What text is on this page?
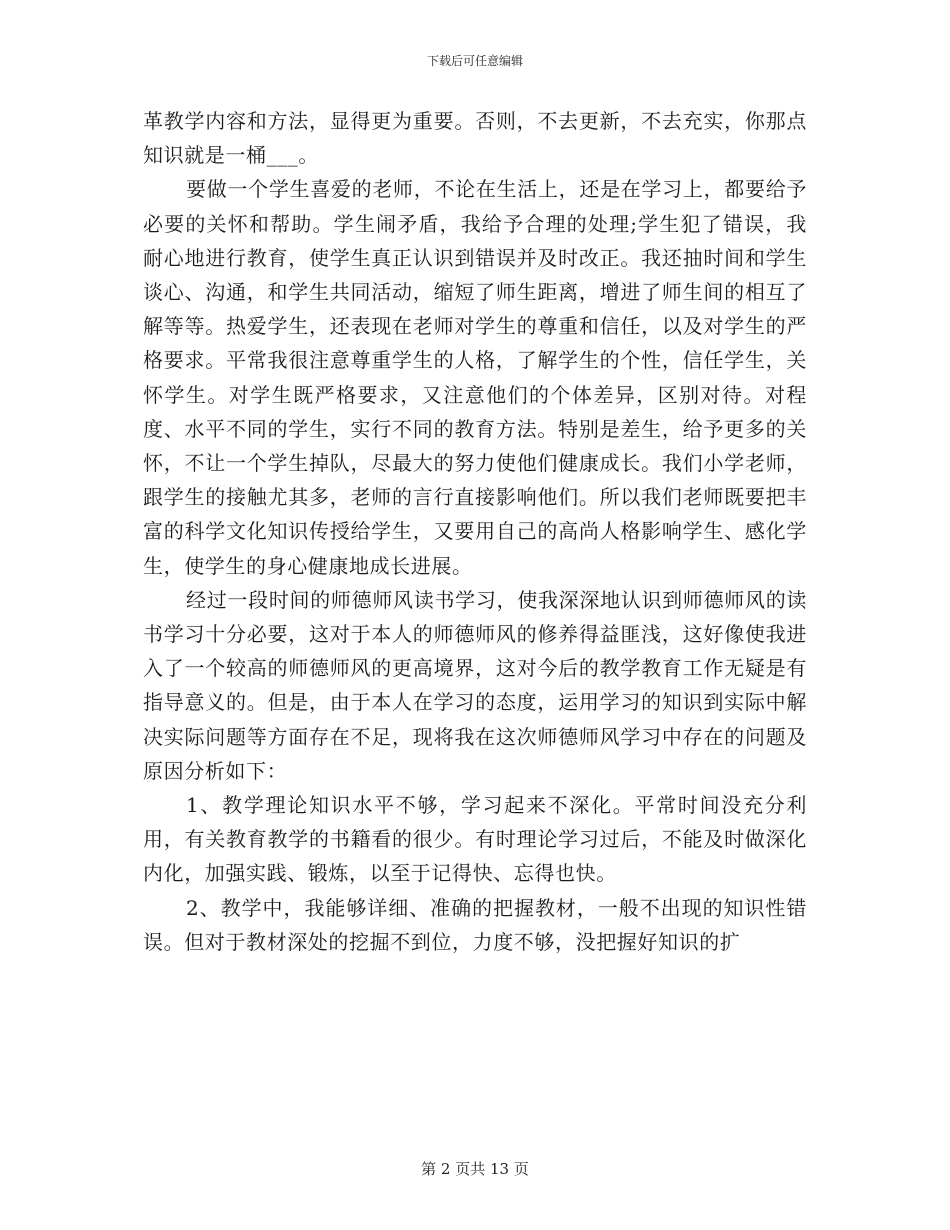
下载后可任意编辑

革教学内容和方法，显得更为重要。否则，不去更新，不去充实，你那点知识就是一桶___。

要做一个学生喜爱的老师，不论在生活上，还是在学习上，都要给予必要的关怀和帮助。学生闹矛盾，我给予合理的处理;学生犯了错误，我耐心地进行教育，使学生真正认识到错误并及时改正。我还抽时间和学生谈心、沟通，和学生共同活动，缩短了师生距离，增进了师生间的相互了解等等。热爱学生，还表现在老师对学生的尊重和信任，以及对学生的严格要求。平常我很注意尊重学生的人格，了解学生的个性，信任学生，关怀学生。对学生既严格要求，又注意他们的个体差异，区别对待。对程度、水平不同的学生，实行不同的教育方法。特别是差生，给予更多的关怀，不让一个学生掉队，尽最大的努力使他们健康成长。我们小学老师，跟学生的接触尤其多，老师的言行直接影响他们。所以我们老师既要把丰富的科学文化知识传授给学生，又要用自己的高尚人格影响学生、感化学生，使学生的身心健康地成长进展。

经过一段时间的师德师风读书学习，使我深深地认识到师德师风的读书学习十分必要，这对于本人的师德师风的修养得益匪浅，这好像使我进入了一个较高的师德师风的更高境界，这对今后的教学教育工作无疑是有指导意义的。但是，由于本人在学习的态度，运用学习的知识到实际中解决实际问题等方面存在不足，现将我在这次师德师风学习中存在的问题及原因分析如下：

1、教学理论知识水平不够，学习起来不深化。平常时间没充分利用，有关教育教学的书籍看的很少。有时理论学习过后，不能及时做深化内化，加强实践、锻炼，以至于记得快、忘得也快。

2、教学中，我能够详细、准确的把握教材，一般不出现的知识性错误。但对于教材深处的挖掘不到位，力度不够，没把握好知识的扩

第 2 页共 13 页
